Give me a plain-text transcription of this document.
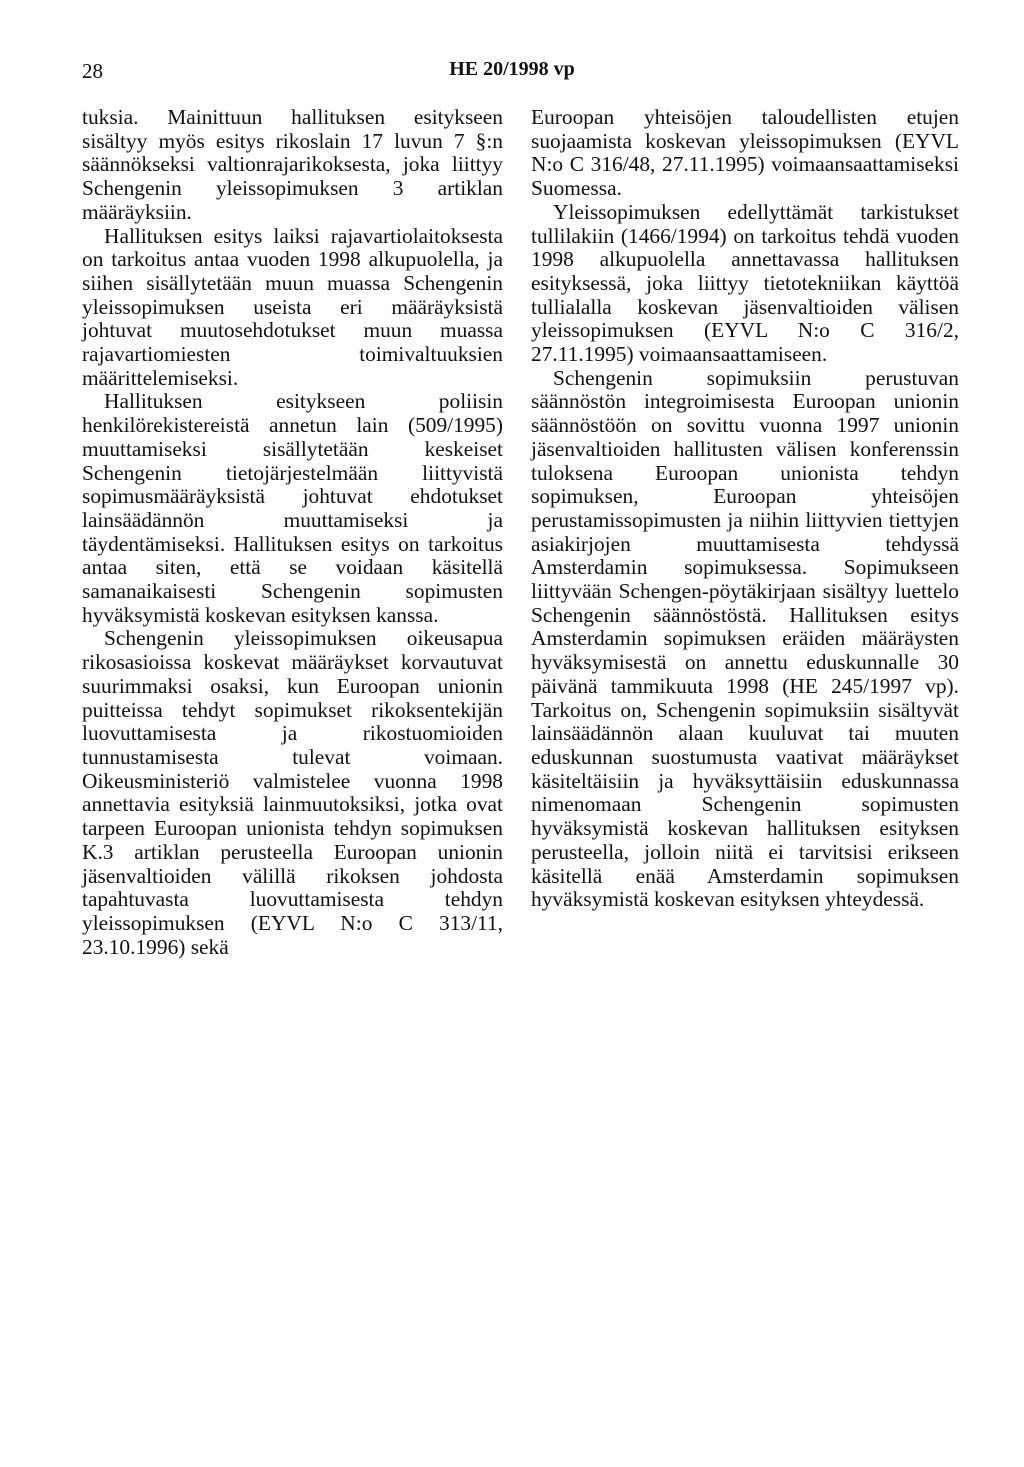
28	HE 20/1998 vp

tuksia. Mainittuun hallituksen esitykseen sisältyy myös esitys rikoslain 17 luvun 7 §:n säännökseksi valtionrajarikoksesta, joka liittyy Schengenin yleissopimuksen 3 artiklan määräyksiin.

Hallituksen esitys laiksi rajavartiolaitoksesta on tarkoitus antaa vuoden 1998 alkupuolella, ja siihen sisällytetään muun muassa Schengenin yleissopimuksen useista eri määräyksistä johtuvat muutosehdotukset muun muassa rajavartiomiesten toimivaltuuksien määrittelemiseksi.

Hallituksen esitykseen poliisin henkilörekistereistä annetun lain (509/1995) muuttamiseksi sisällytetään keskeiset Schengenin tietojärjestelmään liittyvistä sopimusmääräyksistä johtuvat ehdotukset lainsäädännön muuttamiseksi ja täydentämiseksi. Hallituksen esitys on tarkoitus antaa siten, että se voidaan käsitellä samanaikaisesti Schengenin sopimusten hyväksymistä koskevan esityksen kanssa.

Schengenin yleissopimuksen oikeusapua rikosasioissa koskevat määräykset korvautuvat suurimmaksi osaksi, kun Euroopan unionin puitteissa tehdyt sopimukset rikoksentekijän luovuttamisesta ja rikostuomioiden tunnustamisesta tulevat voimaan. Oikeusministeriö valmistelee vuonna 1998 annettavia esityksiä lainmuutoksiksi, jotka ovat tarpeen Euroopan unionista tehdyn sopimuksen K.3 artiklan perusteella Euroopan unionin jäsenvaltioiden välillä rikoksen johdosta tapahtuvasta luovuttamisesta tehdyn yleissopimuksen (EYVL N:o C 313/11, 23.10.1996) sekä

Euroopan yhteisöjen taloudellisten etujen suojaamista koskevan yleissopimuksen (EYVL N:o C 316/48, 27.11.1995) voimaansaattamiseksi Suomessa.

Yleissopimuksen edellyttämät tarkistukset tullilakiin (1466/1994) on tarkoitus tehdä vuoden 1998 alkupuolella annettavassa hallituksen esityksessä, joka liittyy tietotekniikan käyttöä tullialalla koskevan jäsenvaltioiden välisen yleissopimuksen (EYVL N:o C 316/2, 27.11.1995) voimaansaattamiseen.

Schengenin sopimuksiin perustuvan säännöstön integroimisesta Euroopan unionin säännöstöön on sovittu vuonna 1997 unionin jäsenvaltioiden hallitusten välisen konferenssin tuloksena Euroopan unionista tehdyn sopimuksen, Euroopan yhteisöjen perustamissopimusten ja niihin liittyvien tiettyjen asiakirjojen muuttamisesta tehdyssä Amsterdamin sopimuksessa. Sopimukseen liittyvään Schengen-pöytäkirjaan sisältyy luettelo Schengenin säännöstöstä. Hallituksen esitys Amsterdamin sopimuksen eräiden määräysten hyväksymisestä on annettu eduskunnalle 30 päivänä tammikuuta 1998 (HE 245/1997 vp). Tarkoitus on, Schengenin sopimuksiin sisältyvät lainsäädännön alaan kuuluvat tai muuten eduskunnan suostumusta vaativat määräykset käsiteltäisiin ja hyväksyttäisiin eduskunnassa nimenomaan Schengenin sopimusten hyväksymistä koskevan hallituksen esityksen perusteella, jolloin niitä ei tarvitsisi erikseen käsitellä enää Amsterdamin sopimuksen hyväksymistä koskevan esityksen yhteydessä.
